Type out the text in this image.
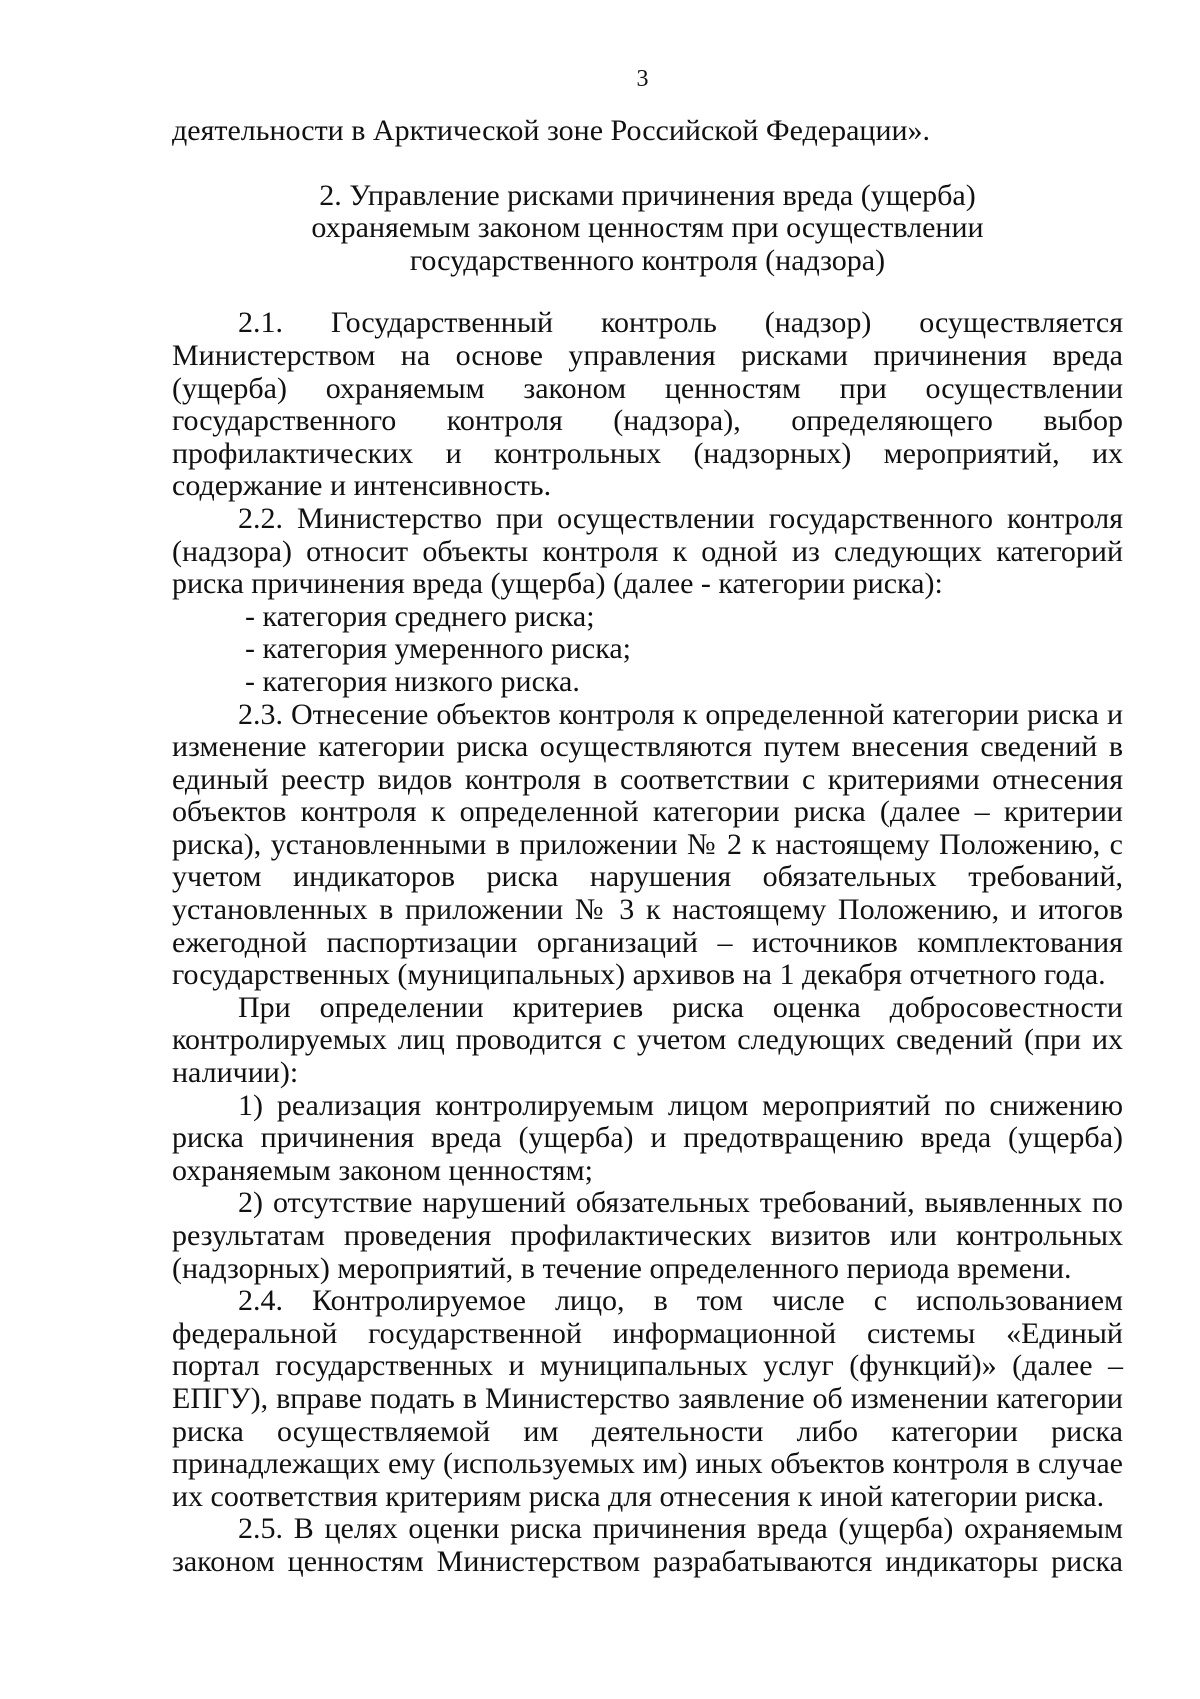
3

деятельности в Арктической зоне Российской Федерации».

2. Управление рисками причинения вреда (ущерба)
охраняемым законом ценностям при осуществлении
государственного контроля (надзора)

2.1. Государственный контроль (надзор) осуществляется Министерством на основе управления рисками причинения вреда (ущерба) охраняемым законом ценностям при осуществлении государственного контроля (надзора), определяющего выбор профилактических и контрольных (надзорных) мероприятий, их содержание и интенсивность.

2.2. Министерство при осуществлении государственного контроля (надзора) относит объекты контроля к одной из следующих категорий риска причинения вреда (ущерба) (далее - категории риска):

- категория среднего риска;

- категория умеренного риска;

- категория низкого риска.

2.3. Отнесение объектов контроля к определенной категории риска и изменение категории риска осуществляются путем внесения сведений в единый реестр видов контроля в соответствии с критериями отнесения объектов контроля к определенной категории риска (далее – критерии риска), установленными в приложении № 2 к настоящему Положению, с учетом индикаторов риска нарушения обязательных требований, установленных в приложении № 3 к настоящему Положению, и итогов ежегодной паспортизации организаций – источников комплектования государственных (муниципальных) архивов на 1 декабря отчетного года.

При определении критериев риска оценка добросовестности контролируемых лиц проводится с учетом следующих сведений (при их наличии):

1) реализация контролируемым лицом мероприятий по снижению риска причинения вреда (ущерба) и предотвращению вреда (ущерба) охраняемым законом ценностям;

2) отсутствие нарушений обязательных требований, выявленных по результатам проведения профилактических визитов или контрольных (надзорных) мероприятий, в течение определенного периода времени.

2.4. Контролируемое лицо, в том числе с использованием федеральной государственной информационной системы «Единый портал государственных и муниципальных услуг (функций)» (далее – ЕПГУ), вправе подать в Министерство заявление об изменении категории риска осуществляемой им деятельности либо категории риска принадлежащих ему (используемых им) иных объектов контроля в случае их соответствия критериям риска для отнесения к иной категории риска.

2.5. В целях оценки риска причинения вреда (ущерба) охраняемым законом ценностям Министерством разрабатываются индикаторы риска
